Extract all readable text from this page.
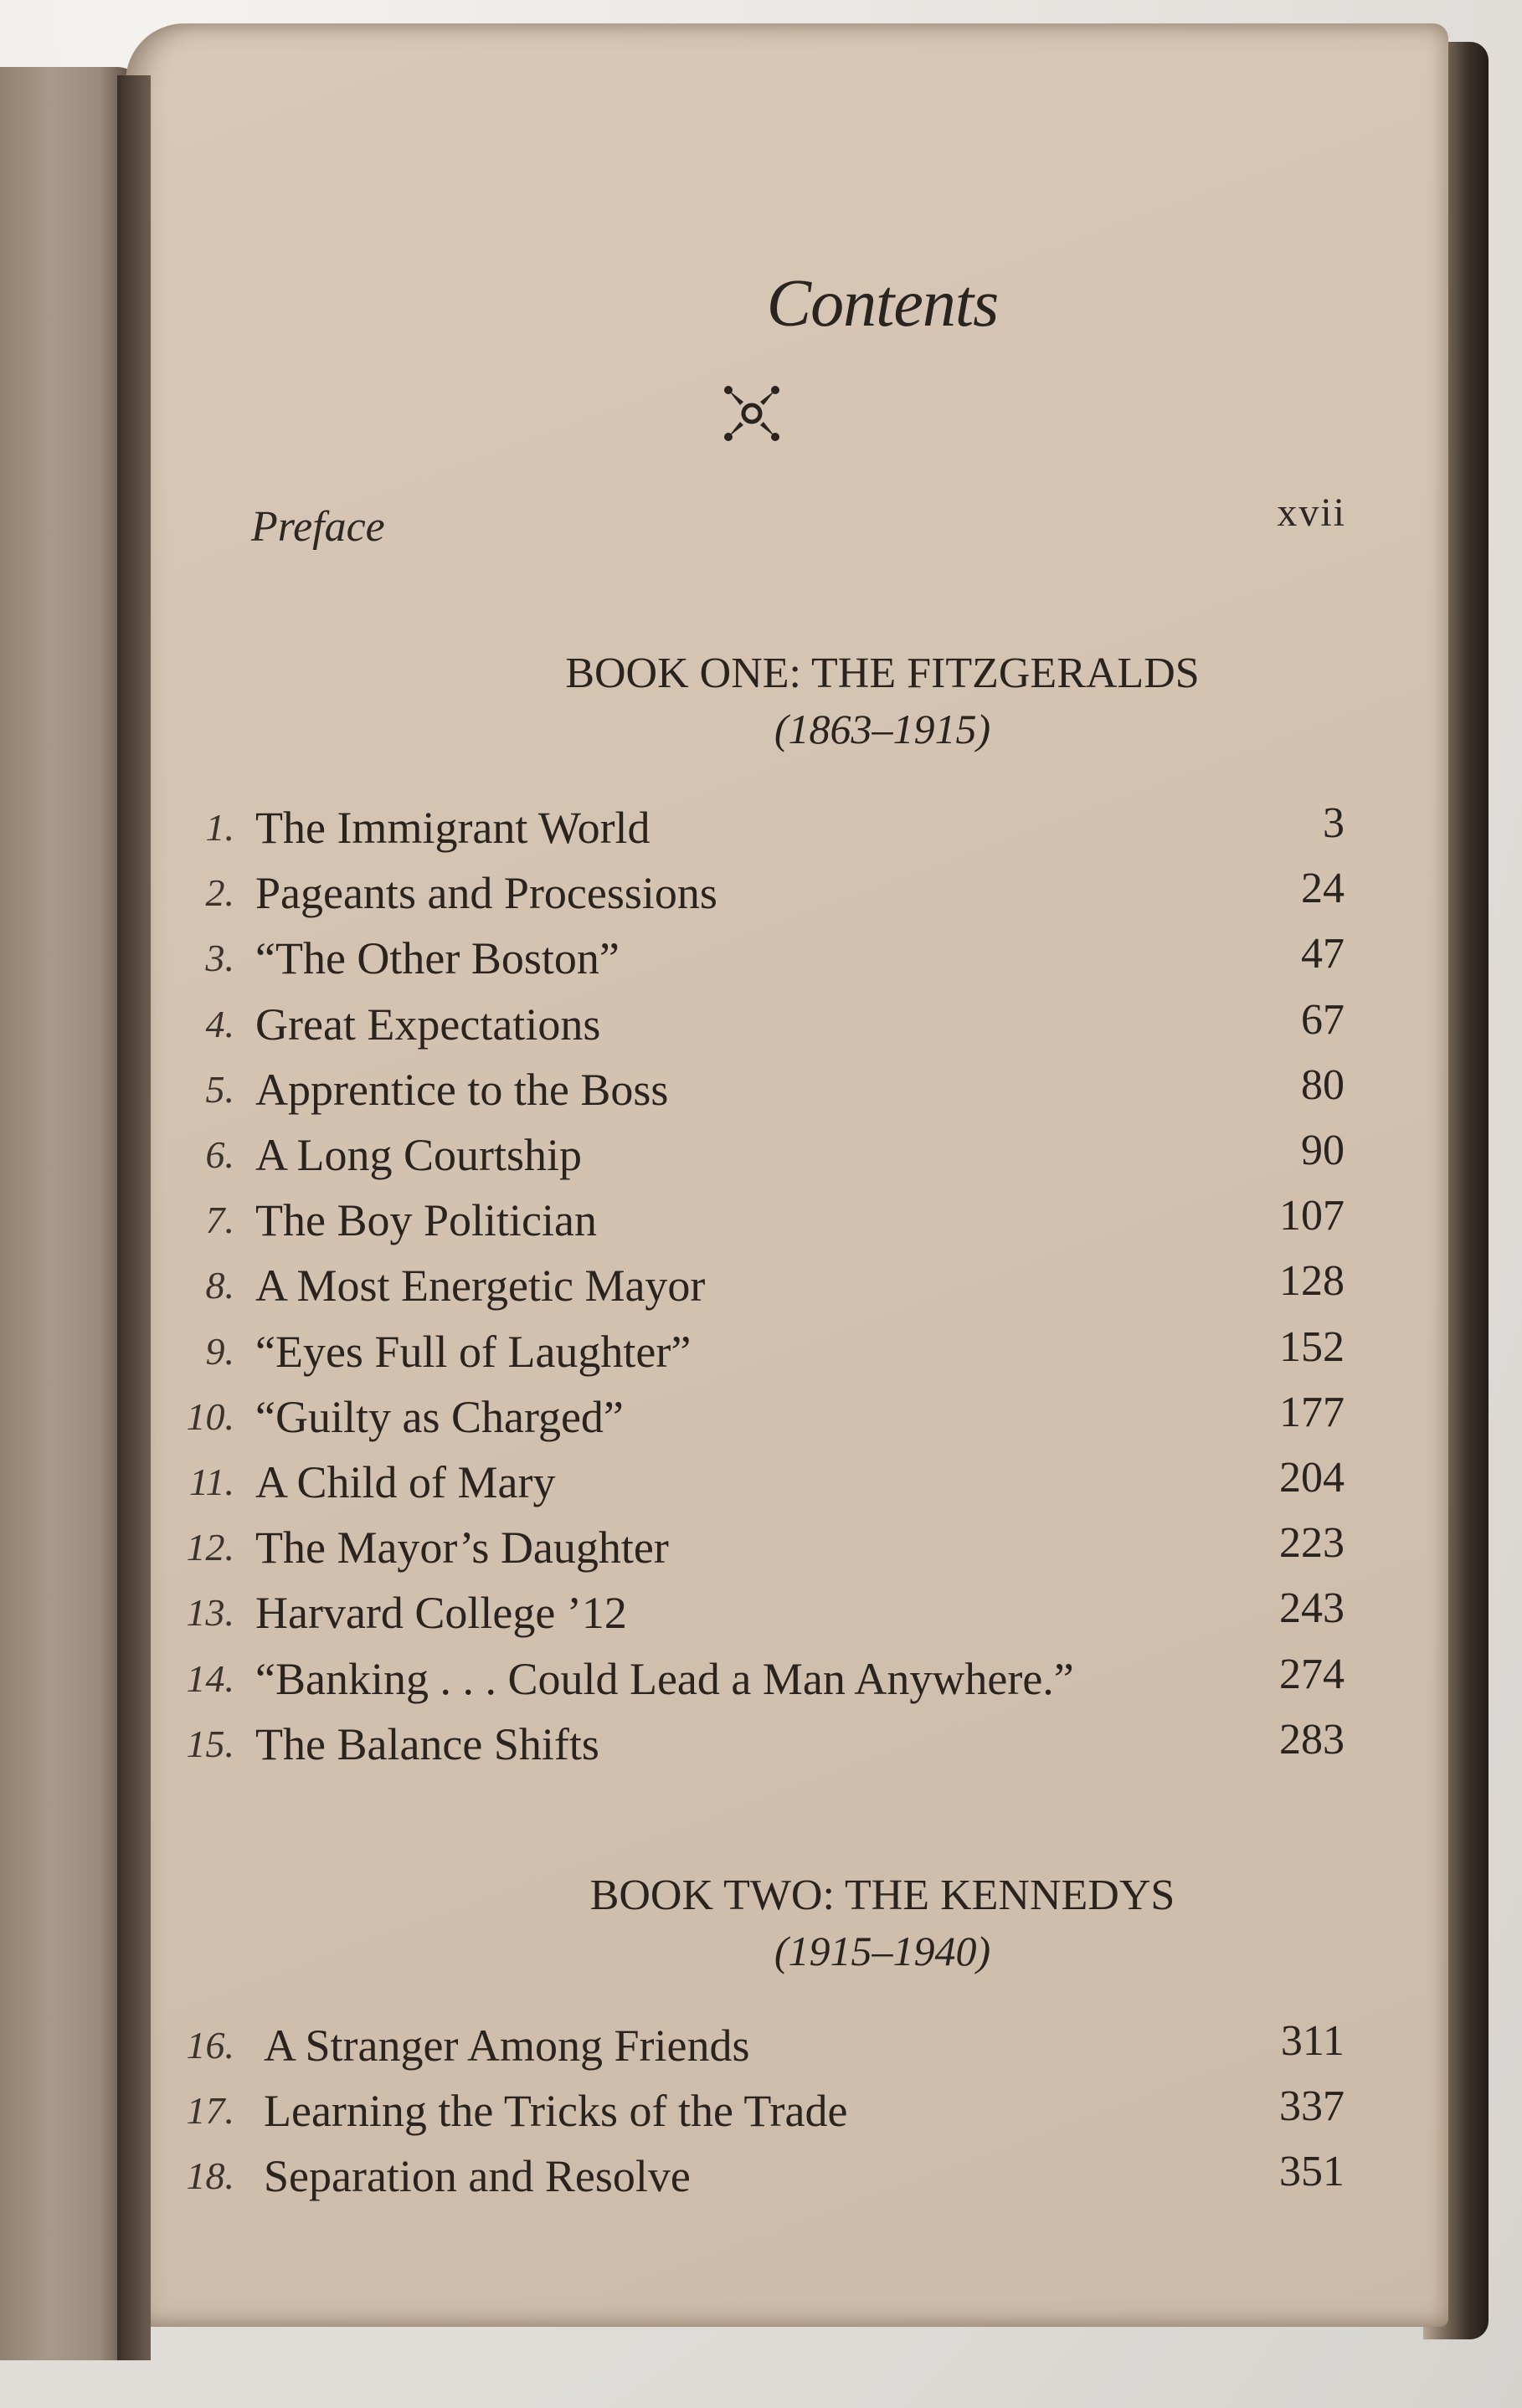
Contents
Preface	xvii
BOOK ONE: THE FITZGERALDS
(1863–1915)
1. The Immigrant World	3
2. Pageants and Processions	24
3. “The Other Boston”	47
4. Great Expectations	67
5. Apprentice to the Boss	80
6. A Long Courtship	90
7. The Boy Politician	107
8. A Most Energetic Mayor	128
9. “Eyes Full of Laughter”	152
10. “Guilty as Charged”	177
11. A Child of Mary	204
12. The Mayor’s Daughter	223
13. Harvard College ’12	243
14. “Banking . . . Could Lead a Man Anywhere.”	274
15. The Balance Shifts	283
BOOK TWO: THE KENNEDYS
(1915–1940)
16. A Stranger Among Friends	311
17. Learning the Tricks of the Trade	337
18. Separation and Resolve	351
